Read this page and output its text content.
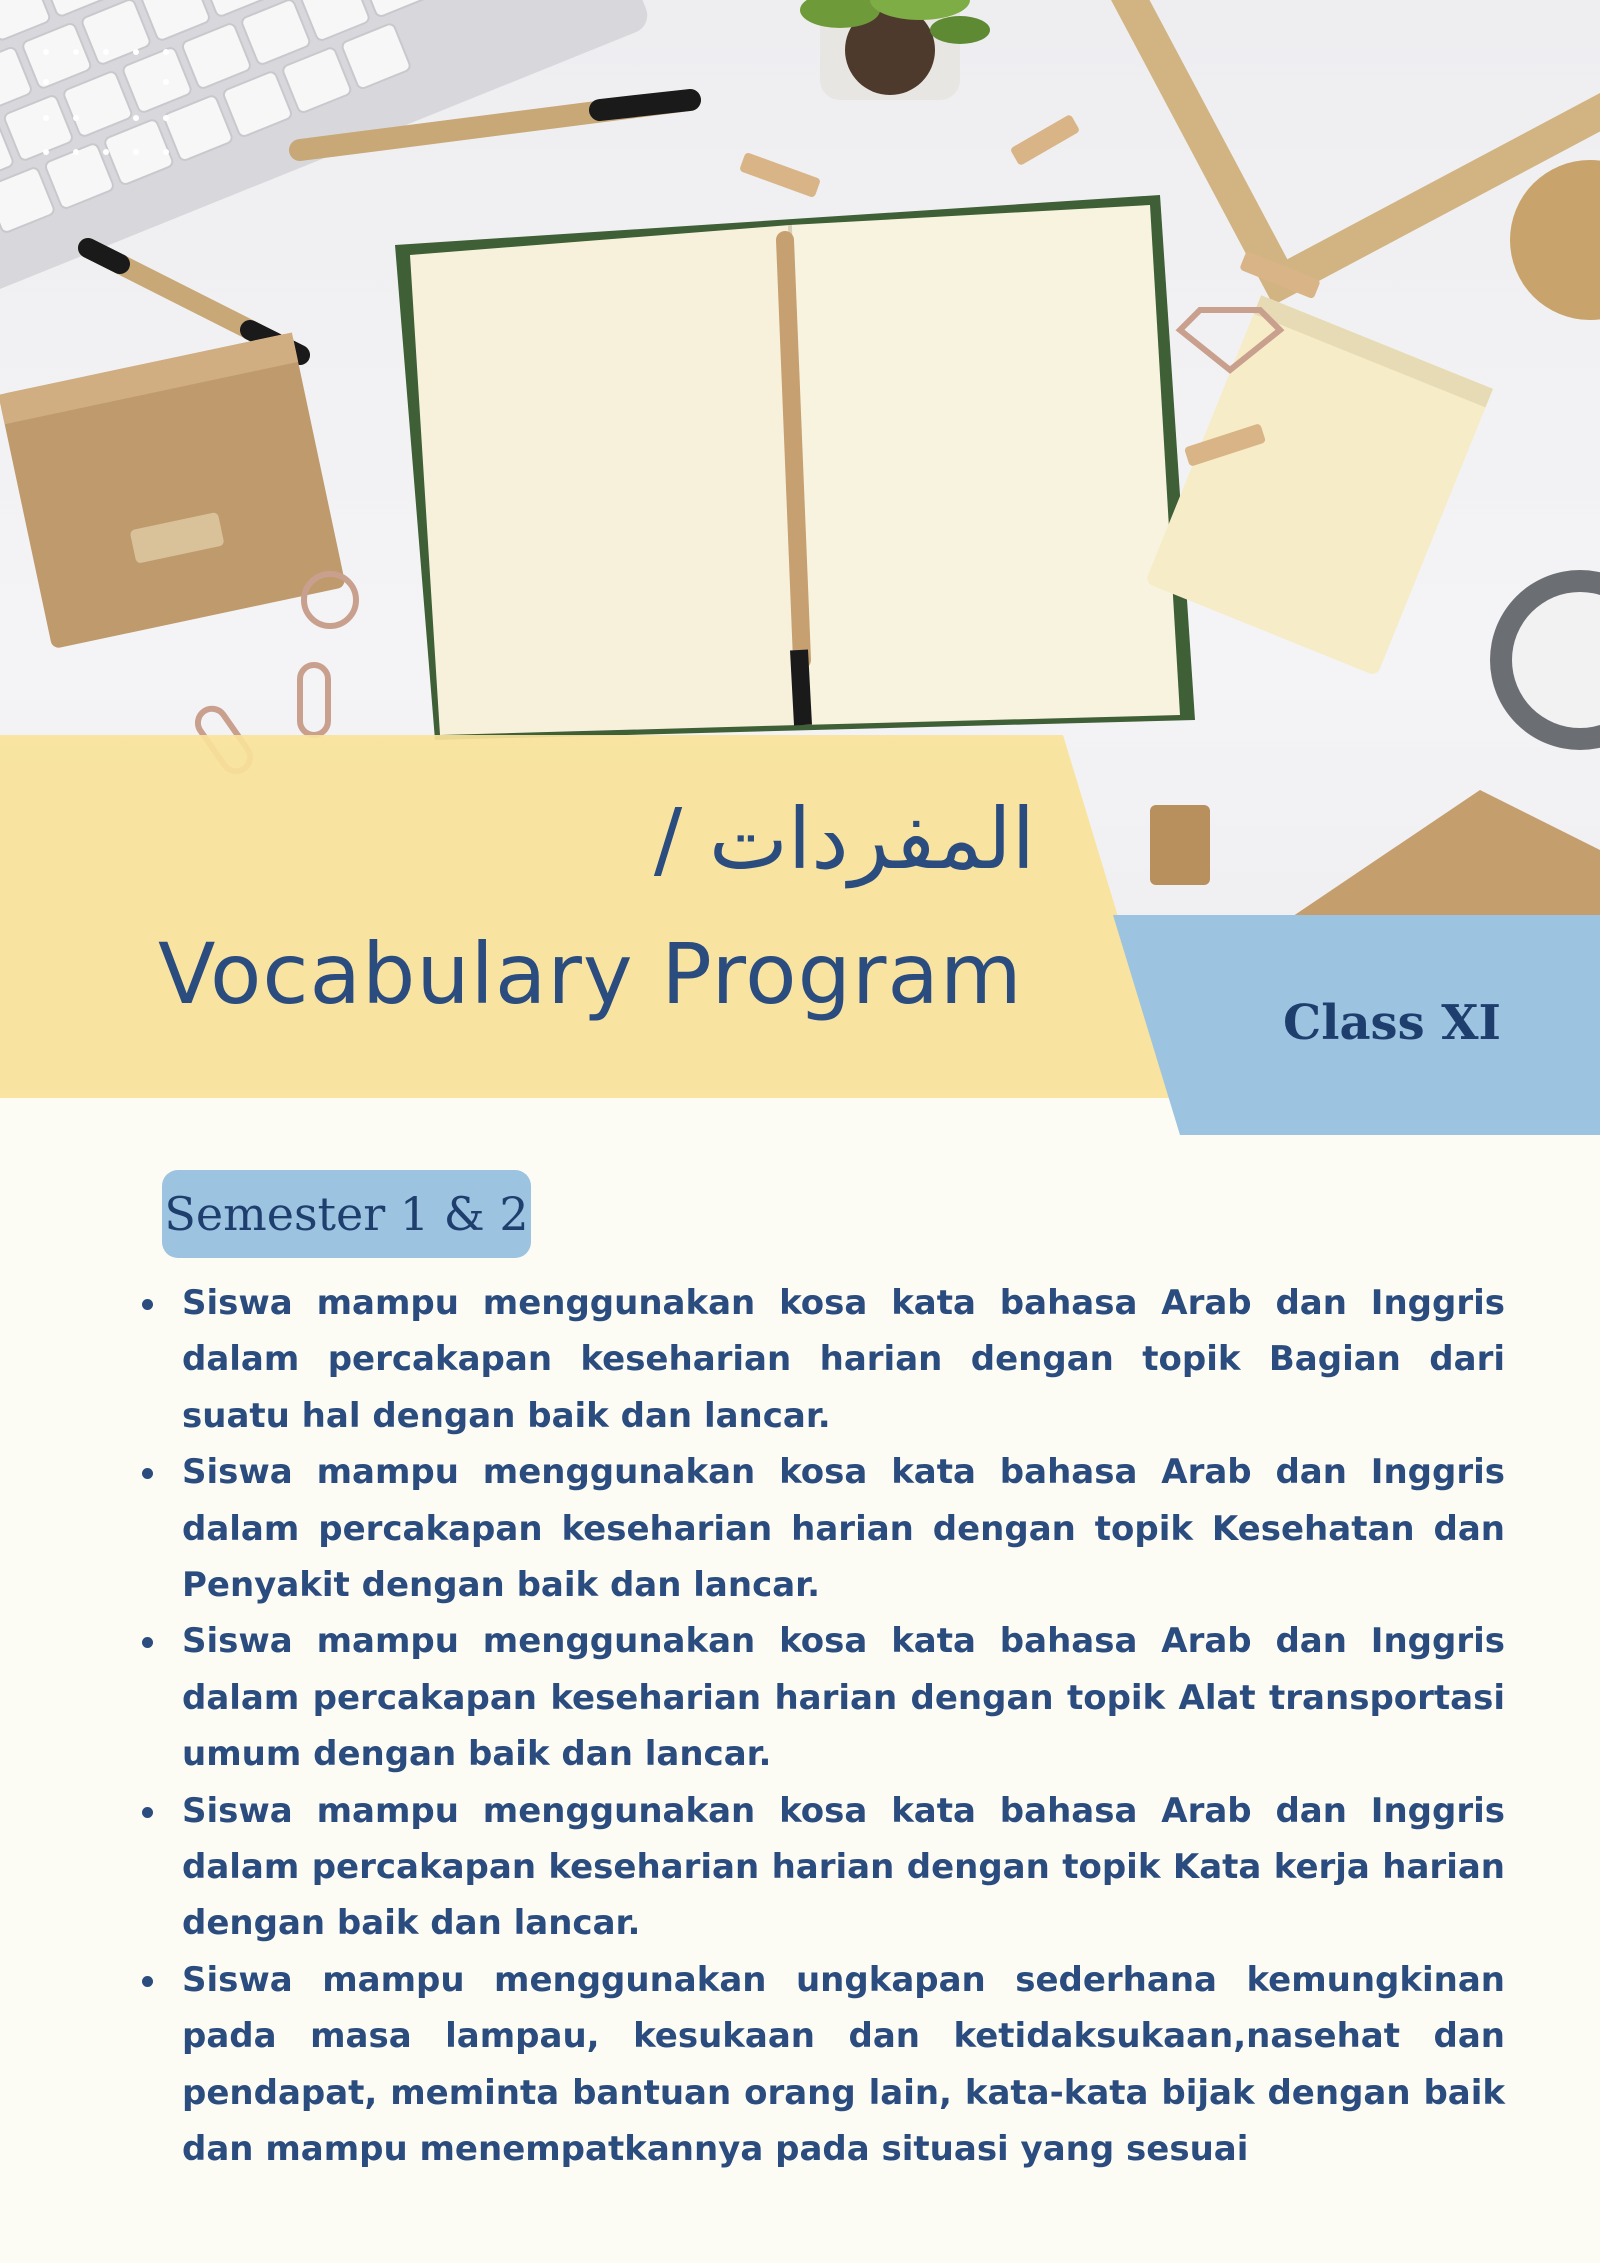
المفردات /
Vocabulary Program	Class XI
Semester 1 & 2
Siswa mampu menggunakan kosa kata bahasa Arab dan Inggris dalam percakapan keseharian harian dengan topik Bagian dari suatu hal dengan baik dan lancar.
Siswa mampu menggunakan kosa kata bahasa Arab dan Inggris dalam percakapan keseharian harian dengan topik Kesehatan dan Penyakit dengan baik dan lancar.
Siswa mampu menggunakan kosa kata bahasa Arab dan Inggris dalam percakapan keseharian harian dengan topik Alat transportasi umum dengan baik dan lancar.
Siswa mampu menggunakan kosa kata bahasa Arab dan Inggris dalam percakapan keseharian harian dengan topik Kata kerja harian dengan baik dan lancar.
Siswa mampu menggunakan ungkapan sederhana kemungkinan pada masa lampau, kesukaan dan ketidaksukaan,nasehat dan pendapat, meminta bantuan orang lain, kata-kata bijak dengan baik dan mampu menempatkannya pada situasi yang sesuai
